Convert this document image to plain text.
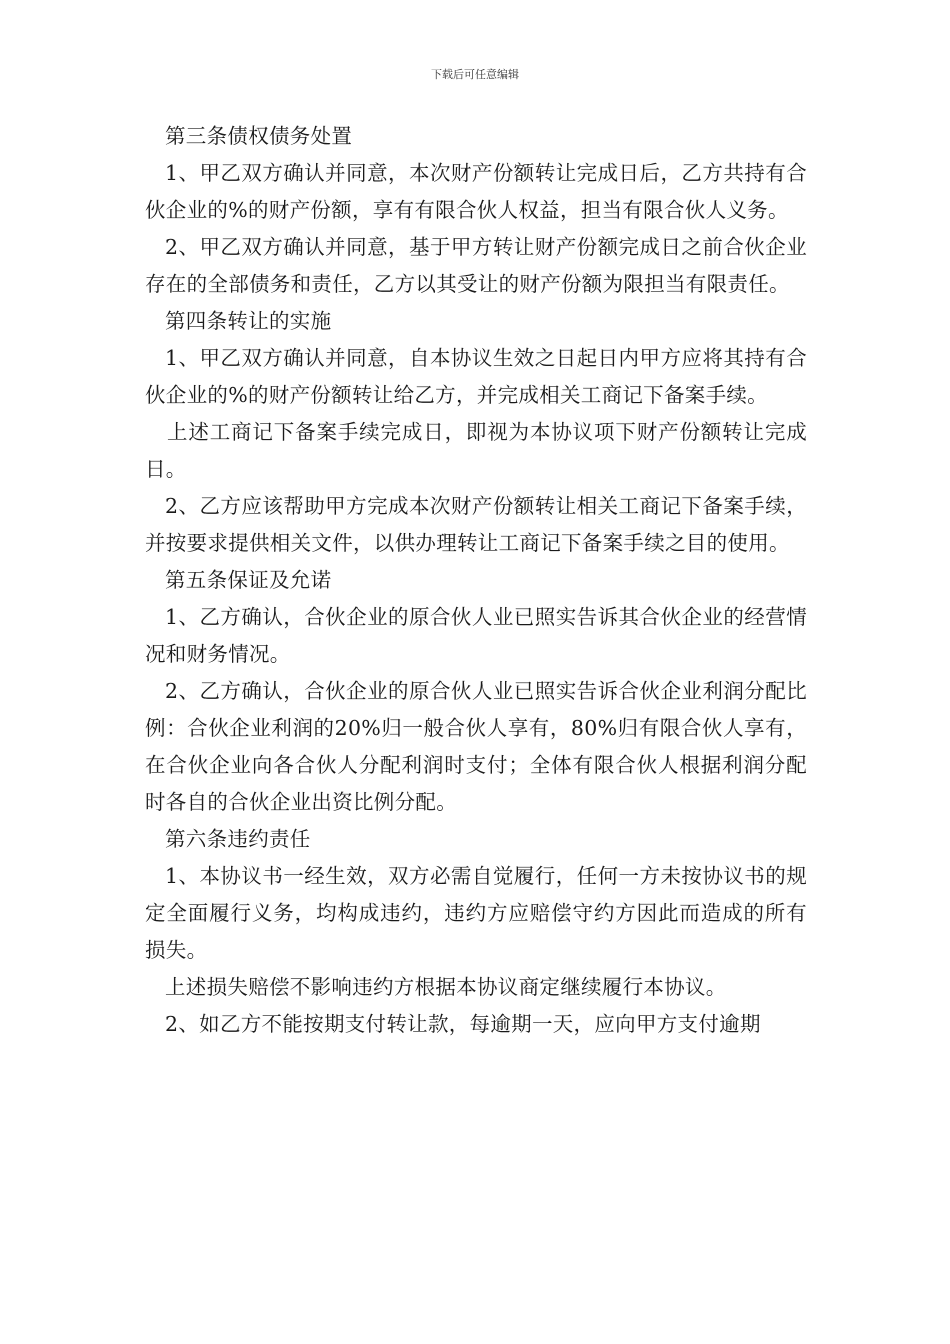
下载后可任意编辑

第三条债权债务处置

1、甲乙双方确认并同意，本次财产份额转让完成日后，乙方共持有合伙企业的%的财产份额，享有有限合伙人权益，担当有限合伙人义务。

2、甲乙双方确认并同意，基于甲方转让财产份额完成日之前合伙企业存在的全部债务和责任，乙方以其受让的财产份额为限担当有限责任。

第四条转让的实施

1、甲乙双方确认并同意，自本协议生效之日起日内甲方应将其持有合伙企业的%的财产份额转让给乙方，并完成相关工商记下备案手续。

上述工商记下备案手续完成日，即视为本协议项下财产份额转让完成日。

2、乙方应该帮助甲方完成本次财产份额转让相关工商记下备案手续，并按要求提供相关文件，以供办理转让工商记下备案手续之目的使用。

第五条保证及允诺

1、乙方确认，合伙企业的原合伙人业已照实告诉其合伙企业的经营情况和财务情况。

2、乙方确认，合伙企业的原合伙人业已照实告诉合伙企业利润分配比例：合伙企业利润的20%归一般合伙人享有，80%归有限合伙人享有，在合伙企业向各合伙人分配利润时支付；全体有限合伙人根据利润分配时各自的合伙企业出资比例分配。

第六条违约责任

1、本协议书一经生效，双方必需自觉履行，任何一方未按协议书的规定全面履行义务，均构成违约，违约方应赔偿守约方因此而造成的所有损失。

上述损失赔偿不影响违约方根据本协议商定继续履行本协议。

2、如乙方不能按期支付转让款，每逾期一天，应向甲方支付逾期
